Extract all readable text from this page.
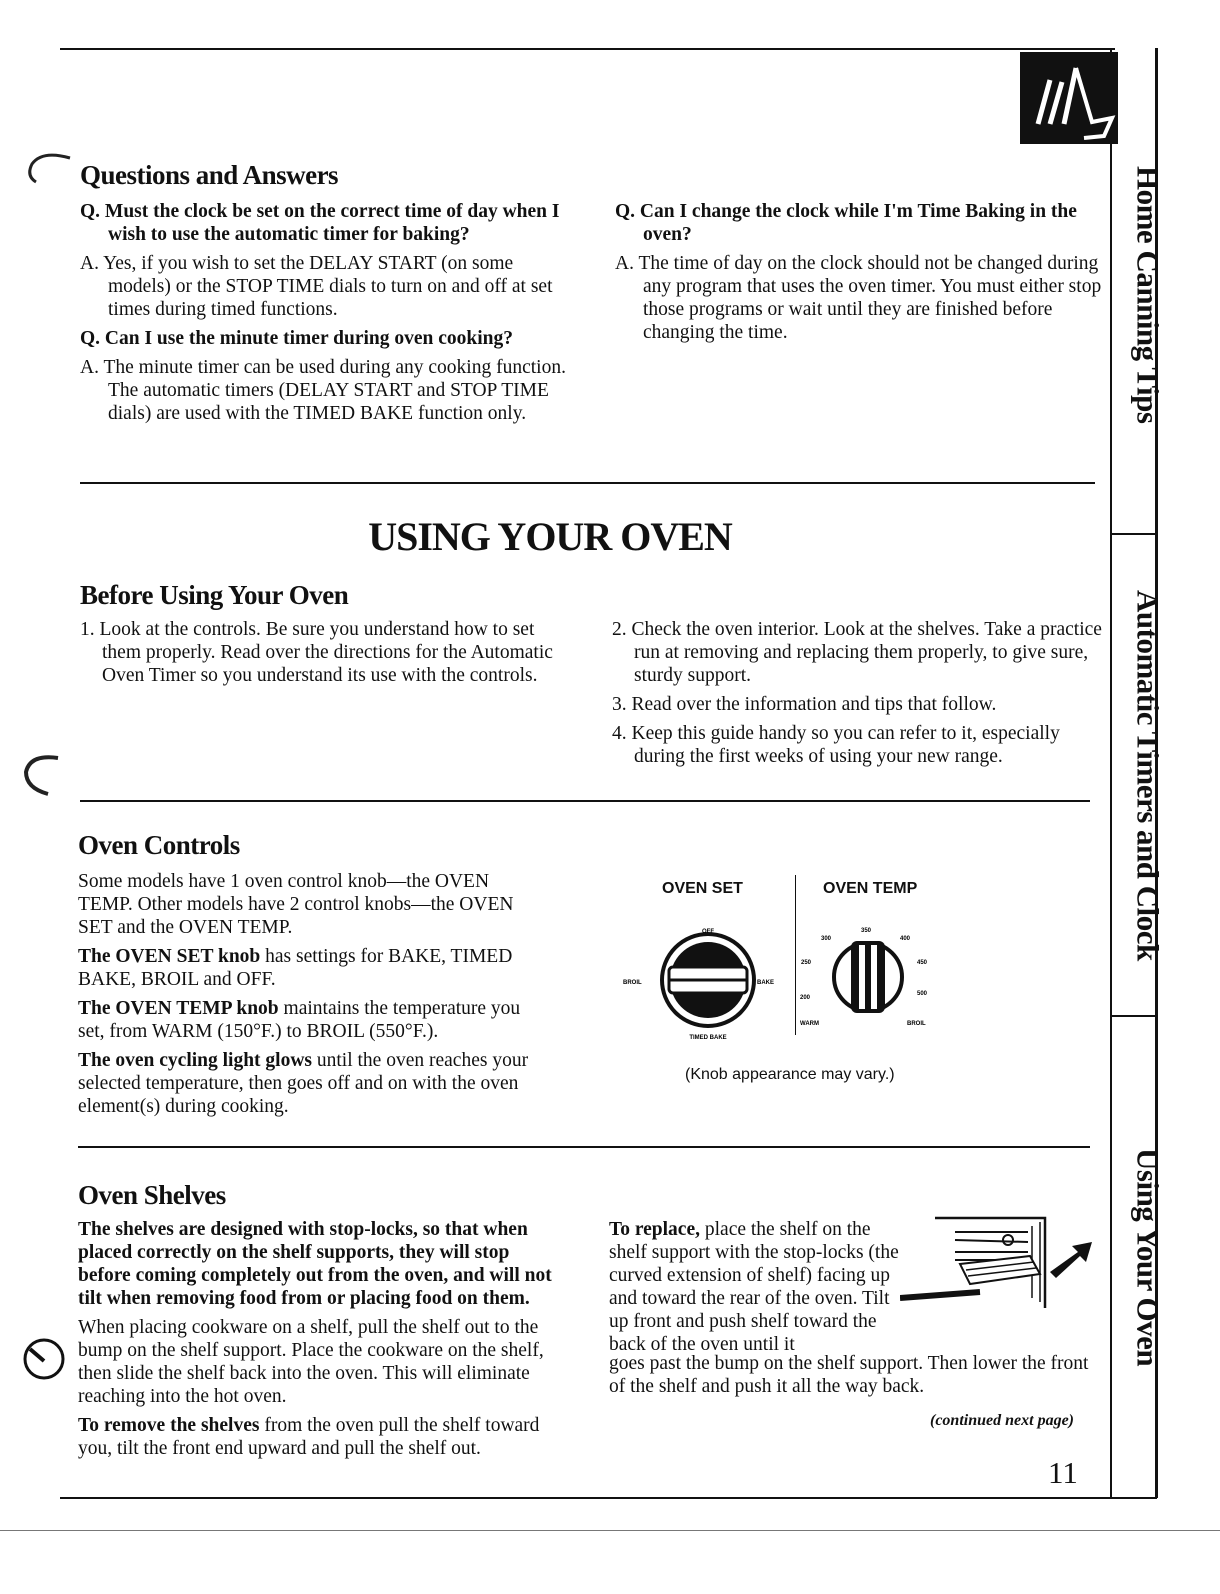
Home Canning Tips
Automatic Timers and Clock
Using Your Oven
Questions and Answers

Q. Must the clock be set on the correct time of day when I wish to use the automatic timer for baking?

A. Yes, if you wish to set the DELAY START (on some models) or the STOP TIME dials to turn on and off at set times during timed functions.

Q. Can I use the minute timer during oven cooking?

A. The minute timer can be used during any cooking function. The automatic timers (DELAY START and STOP TIME dials) are used with the TIMED BAKE function only.

Q. Can I change the clock while I'm Time Baking in the oven?

A. The time of day on the clock should not be changed during any program that uses the oven timer. You must either stop those programs or wait until they are finished before changing the time.

USING YOUR OVEN
Before Using Your Oven

1. Look at the controls. Be sure you understand how to set them properly. Read over the directions for the Automatic Oven Timer so you understand its use with the controls.

2. Check the oven interior. Look at the shelves. Take a practice run at removing and replacing them properly, to give sure, sturdy support.

3. Read over the information and tips that follow.

4. Keep this guide handy so you can refer to it, especially during the first weeks of using your new range.

Oven Controls

Some models have 1 oven control knob—the OVEN TEMP. Other models have 2 control knobs—the OVEN SET and the OVEN TEMP.

The OVEN SET knob has settings for BAKE, TIMED BAKE, BROIL and OFF.

The OVEN TEMP knob maintains the temperature you set, from WARM (150°F.) to BROIL (550°F.).

The oven cycling light glows until the oven reaches your selected temperature, then goes off and on with the oven element(s) during cooking.

OVEN SET	OVEN TEMP
OFF
BROIL	BAKE
TIMED BAKE
200
250
300
350
400
450
500
WARM	BROIL
(Knob appearance may vary.)
Oven Shelves

The shelves are designed with stop-locks, so that when placed correctly on the shelf supports, they will stop before coming completely out from the oven, and will not tilt when removing food from or placing food on them.

When placing cookware on a shelf, pull the shelf out to the bump on the shelf support. Place the cookware on the shelf, then slide the shelf back into the oven. This will eliminate reaching into the hot oven.

To remove the shelves from the oven pull the shelf toward you, tilt the front end upward and pull the shelf out.

To replace, place the shelf on the shelf support with the stop-locks (the curved extension of shelf) facing up and toward the rear of the oven. Tilt up front and push shelf toward the back of the oven until it

goes past the bump on the shelf support. Then lower the front of the shelf and push it all the way back.
(continued next page)
11
